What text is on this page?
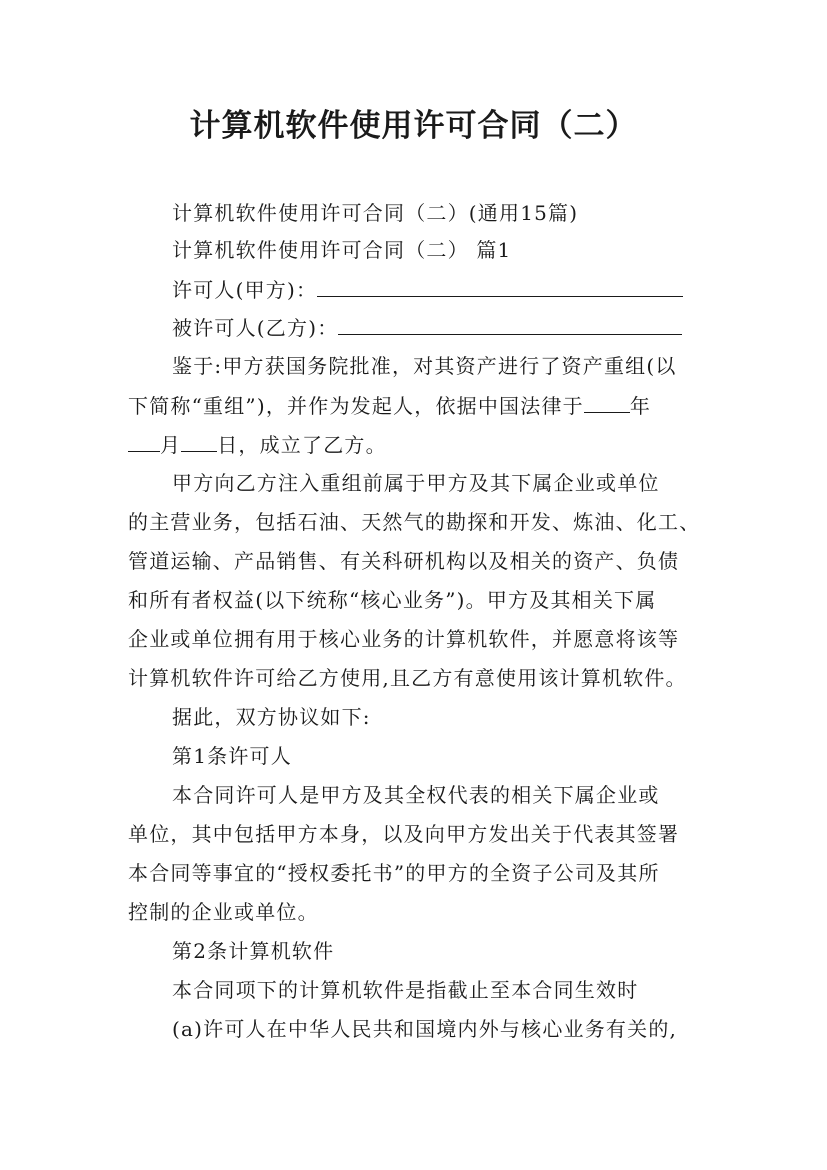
计算机软件使用许可合同（二）
计算机软件使用许可合同（二）(通用15篇)
计算机软件使用许可合同（二） 篇1
许可人(甲方)：
被许可人(乙方)：
鉴于:甲方获国务院批准，对其资产进行了资产重组(以
下简称“重组”)，并作为发起人，依据中国法律于 年
月 日，成立了乙方。
甲方向乙方注入重组前属于甲方及其下属企业或单位
的主营业务，包括石油、天然气的勘探和开发、炼油、化工、
管道运输、产品销售、有关科研机构以及相关的资产、负债
和所有者权益(以下统称“核心业务”)。甲方及其相关下属
企业或单位拥有用于核心业务的计算机软件，并愿意将该等
计算机软件许可给乙方使用,且乙方有意使用该计算机软件。
据此，双方协议如下:
第1条许可人
本合同许可人是甲方及其全权代表的相关下属企业或
单位，其中包括甲方本身，以及向甲方发出关于代表其签署
本合同等事宜的“授权委托书”的甲方的全资子公司及其所
控制的企业或单位。
第2条计算机软件
本合同项下的计算机软件是指截止至本合同生效时
(a)许可人在中华人民共和国境内外与核心业务有关的,
